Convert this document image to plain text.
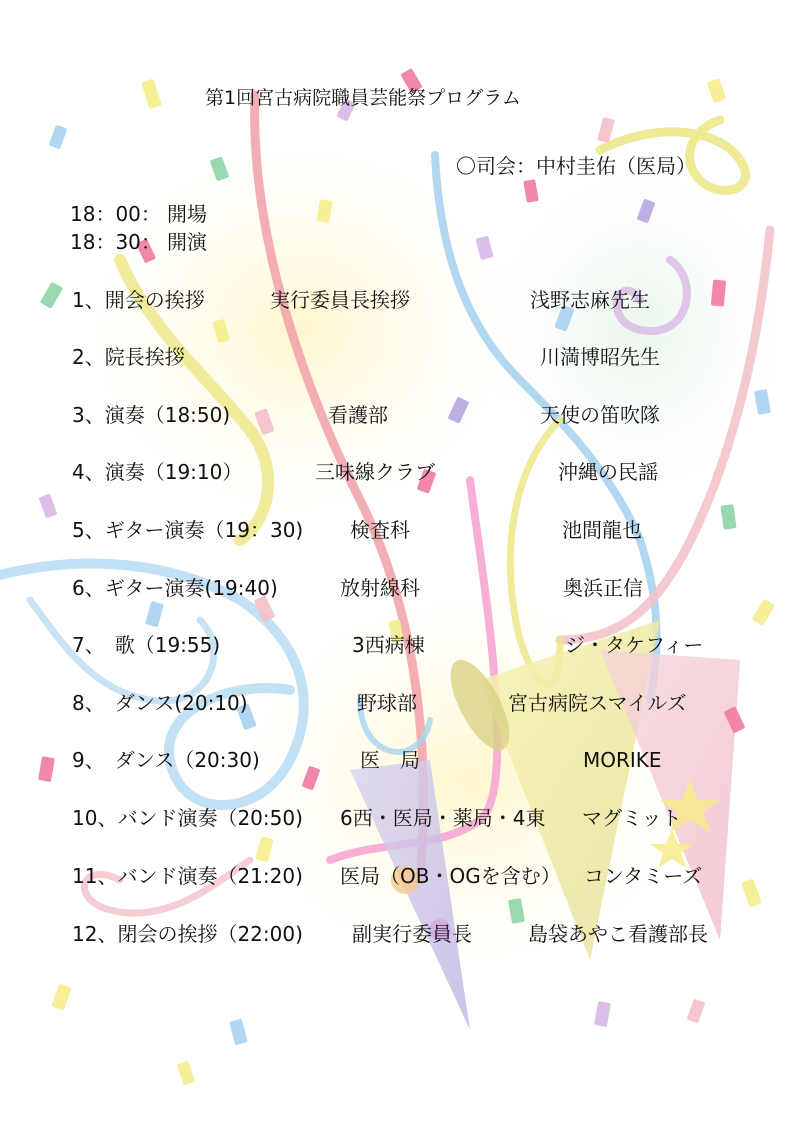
第1回宮古病院職員芸能祭プログラム
〇司会：中村圭佑（医局）
18：00： 開場
18：30： 開演
1、開会の挨拶	実行委員長挨拶	浅野志麻先生
2、院長挨拶	川満博昭先生
3、演奏（18:50)	看護部	天使の笛吹隊
4、演奏（19:10）	三味線クラブ	沖縄の民謡
5、ギター演奏（19：30) 検査科	池間龍也
6、ギター演奏(19:40)	放射線科	奥浜正信
7、　歌（19:55)	3西病棟	ジ・タケフィー
8、　ダンス(20:10)	野球部	宮古病院スマイルズ
9、　ダンス（20:30)	医　局	MORIKE
10、バンド演奏（20:50) 6西・医局・薬局・4東 マグミット
11、バンド演奏（21:20) 医局（OB・OGを含む） コンタミーズ
12、閉会の挨拶（22:00) 副実行委員長	島袋あやこ看護部長
